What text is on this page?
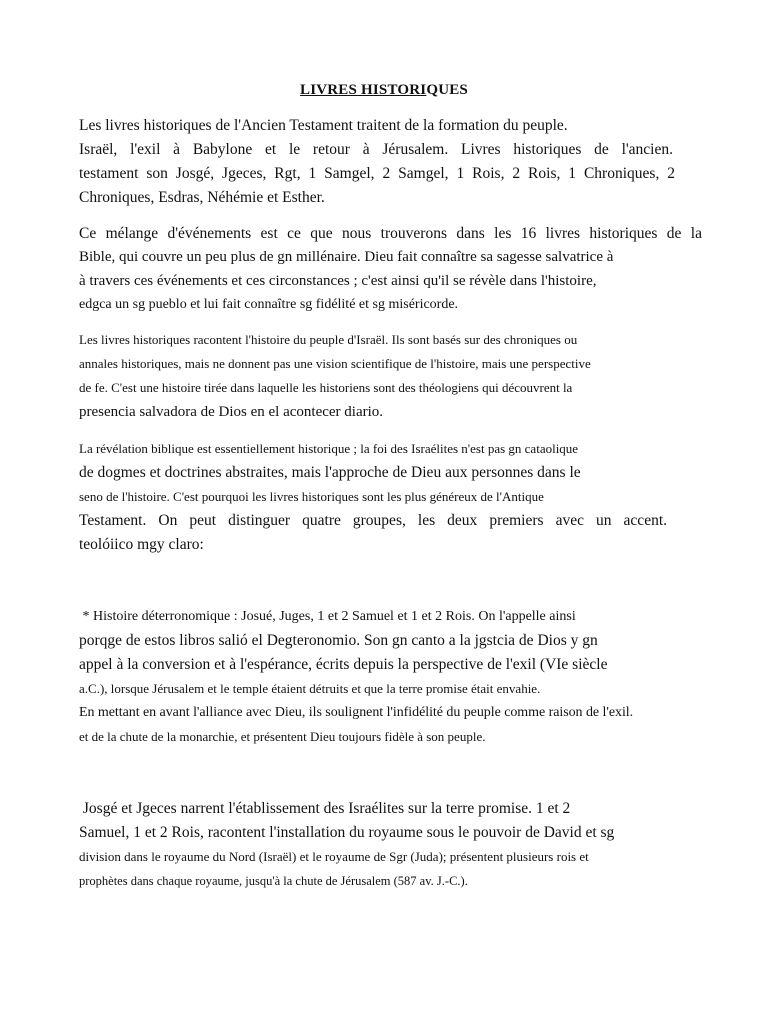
LIVRES HISTORIQUES

Les livres historiques de l'Ancien Testament traitent de la formation du peuple.

Israël, l'exil à Babylone et le retour à Jérusalem. Livres historiques de l'ancien.

testament son Josgé, Jgeces, Rgt, 1 Samgel, 2 Samgel, 1 Rois, 2 Rois, 1 Chroniques, 2

Chroniques, Esdras, Néhémie et Esther.

Ce mélange d'événements est ce que nous trouverons dans les 16 livres historiques de la

Bible, qui couvre un peu plus de gn millénaire. Dieu fait connaître sa sagesse salvatrice à

à travers ces événements et ces circonstances ; c'est ainsi qu'il se révèle dans l'histoire,

edgca un sg pueblo et lui fait connaître sg fidélité et sg miséricorde.

Les livres historiques racontent l'histoire du peuple d'Israël. Ils sont basés sur des chroniques ou

annales historiques, mais ne donnent pas une vision scientifique de l'histoire, mais une perspective

de fe. C'est une histoire tirée dans laquelle les historiens sont des théologiens qui découvrent la

presencia salvadora de Dios en el acontecer diario.

La révélation biblique est essentiellement historique ; la foi des Israélites n'est pas gn cataolique

de dogmes et doctrines abstraites, mais l'approche de Dieu aux personnes dans le

seno de l'histoire. C'est pourquoi les livres historiques sont les plus généreux de l'Antique

Testament. On peut distinguer quatre groupes, les deux premiers avec un accent.

teolóiico mgy claro:

* Histoire déterronomique : Josué, Juges, 1 et 2 Samuel et 1 et 2 Rois. On l'appelle ainsi

porqge de estos libros salió el Degteronomio. Son gn canto a la jgstcia de Dios y gn

appel à la conversion et à l'espérance, écrits depuis la perspective de l'exil (VIe siècle

a.C.), lorsque Jérusalem et le temple étaient détruits et que la terre promise était envahie.

En mettant en avant l'alliance avec Dieu, ils soulignent l'infidélité du peuple comme raison de l'exil.

et de la chute de la monarchie, et présentent Dieu toujours fidèle à son peuple.

Josgé et Jgeces narrent l'établissement des Israélites sur la terre promise. 1 et 2

Samuel, 1 et 2 Rois, racontent l'installation du royaume sous le pouvoir de David et sg

division dans le royaume du Nord (Israël) et le royaume de Sgr (Juda); présentent plusieurs rois et

prophètes dans chaque royaume, jusqu'à la chute de Jérusalem (587 av. J.-C.).
